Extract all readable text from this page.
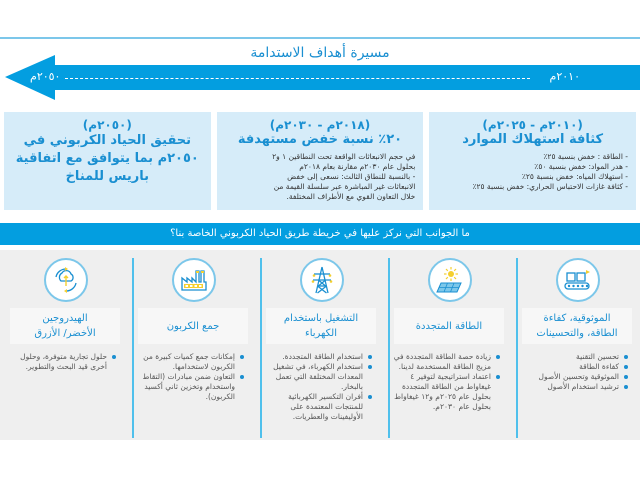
مسيرة أهداف الاستدامة
٢٠١٠م
٢٠٥٠م
(٢٠١٠م - ٢٠٢٥م)
كثافة استهلاك الموارد
- الطاقة : خفض بنسبة ٢٥٪
- هدر المواد: خفض بنسبة ٥٠٪
- استهلاك المياه: خفض بنسبة ٢٥٪
- كثافة غازات الاحتباس الحراري: خفض بنسبة ٢٥٪
(٢٠١٨م - ٢٠٣٠م)
٢٠٪ نسبة خفض مستهدفة
في حجم الانبعاثات الواقعة تحت النطاقين ١ و٢
بحلول عام ٢٠٣٠م مقارنة بعام ٢٠١٨م
- بالنسبة للنطاق الثالث: نسعى إلى خفض
الانبعاثات غير المباشرة عبر سلسلة القيمة من
خلال التعاون القوي مع الأطراف المختلفة.
(٢٠٥٠م)
تحقيق الحياد الكربوني في
٢٠٥٠م بما يتوافق مع اتفاقية
باريس للمناخ
ما الجوانب التي نركز عليها في خريطة طريق الحياد الكربوني الخاصة بنا؟
الموثوقية، كفاءة
الطاقة، والتحسينات
تحسين التقنية
كفاءة الطاقة
الموثوقية وتحسين الأصول
ترشيد استخدام الأصول
الطاقة المتجددة
زيادة حصة الطاقة المتجددة في مزيج الطاقة المستخدمة لدينا.
اعتماد استراتيجية لتوفير ٤ غيغاواط من الطاقة المتجددة بحلول عام ٢٠٢٥م و١٢ غيغاواط بحلول عام ٢٠٣٠م.
التشغيل باستخدام
الكهرباء
استخدام الطاقة المتجددة.
استخدام الكهرباء، في تشغيل المعدات المختلفة التي تعمل بالبخار.
أفران التكسير الكهربائية للمنتجات المعتمدة على الأوليفينات والعطريات.
جمع الكربون
إمكانات جمع كميات كبيرة من الكربون لاستخدامها.
التعاون ضمن مبادرات (التقاط واستخدام وتخزين ثاني أكسيد الكربون).
الهيدروجين
الأخضر/ الأزرق
حلول تجارية متوفرة، وحلول أخرى قيد البحث والتطوير.
